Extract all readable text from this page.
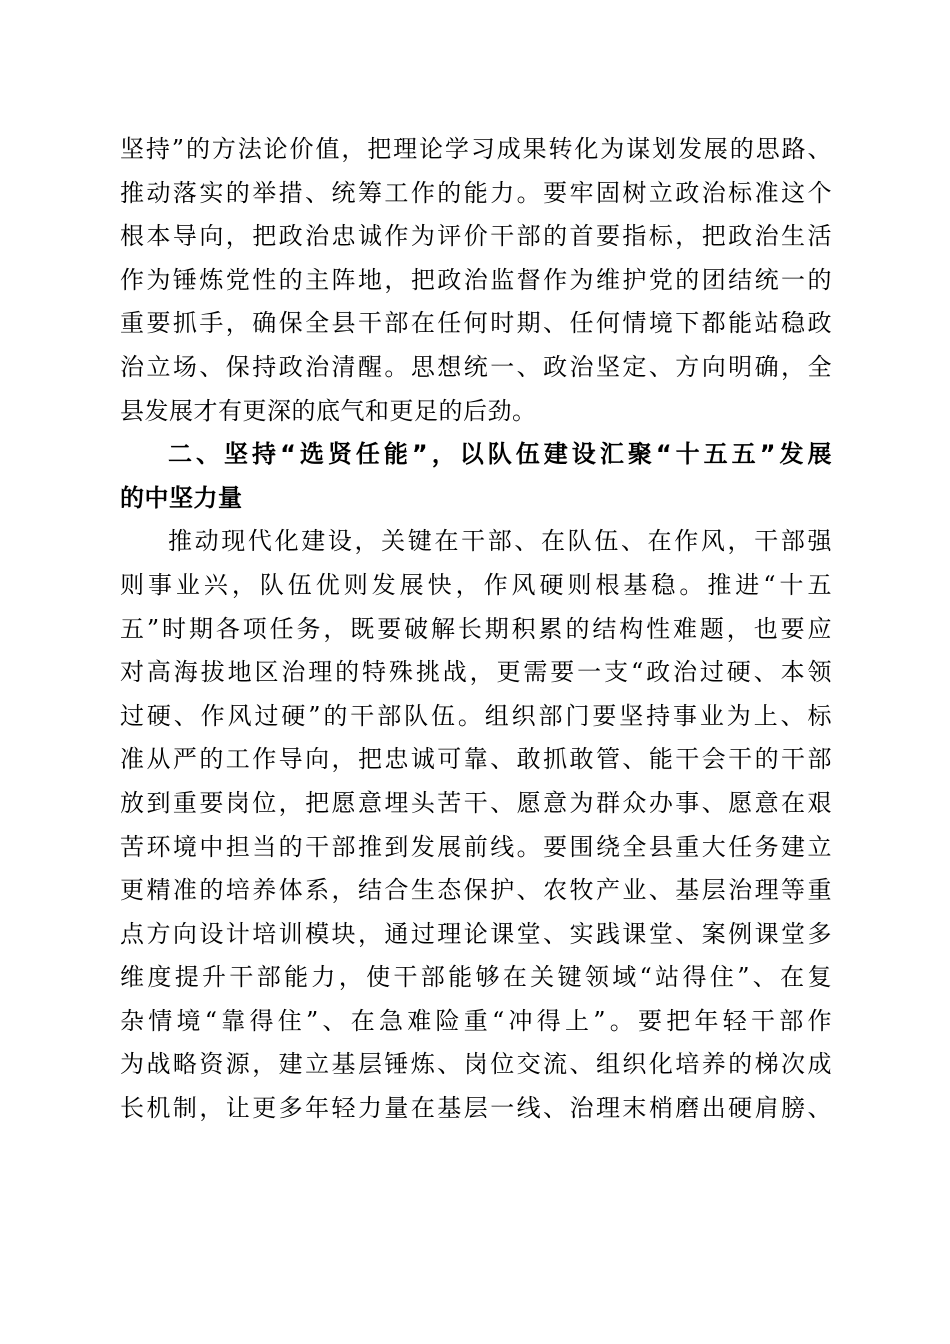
坚持”的方法论价值，把理论学习成果转化为谋划发展的思路、
推动落实的举措、统筹工作的能力。要牢固树立政治标准这个
根本导向，把政治忠诚作为评价干部的首要指标，把政治生活
作为锤炼党性的主阵地，把政治监督作为维护党的团结统一的
重要抓手，确保全县干部在任何时期、任何情境下都能站稳政
治立场、保持政治清醒。思想统一、政治坚定、方向明确，全
县发展才有更深的底气和更足的后劲。
二、坚持“选贤任能”，以队伍建设汇聚“十五五”发展
的中坚力量
推动现代化建设，关键在干部、在队伍、在作风，干部强
则事业兴，队伍优则发展快，作风硬则根基稳。推进“十五
五”时期各项任务，既要破解长期积累的结构性难题，也要应
对高海拔地区治理的特殊挑战，更需要一支“政治过硬、本领
过硬、作风过硬”的干部队伍。组织部门要坚持事业为上、标
准从严的工作导向，把忠诚可靠、敢抓敢管、能干会干的干部
放到重要岗位，把愿意埋头苦干、愿意为群众办事、愿意在艰
苦环境中担当的干部推到发展前线。要围绕全县重大任务建立
更精准的培养体系，结合生态保护、农牧产业、基层治理等重
点方向设计培训模块，通过理论课堂、实践课堂、案例课堂多
维度提升干部能力，使干部能够在关键领域“站得住”、在复
杂情境“靠得住”、在急难险重“冲得上”。要把年轻干部作
为战略资源，建立基层锤炼、岗位交流、组织化培养的梯次成
长机制，让更多年轻力量在基层一线、治理末梢磨出硬肩膀、
